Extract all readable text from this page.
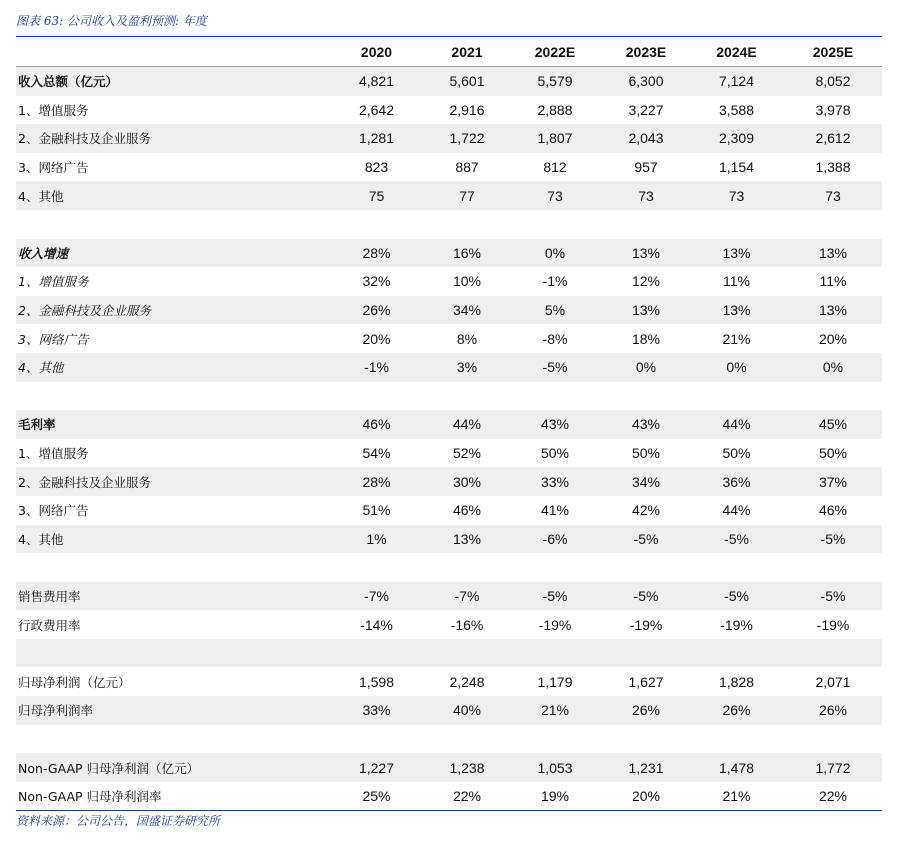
图表 63: 公司收入及盈利预测: 年度
	2020	2021	2022E	2023E	2024E	2025E
收入总额（亿元）	4,821	5,601	5,579	6,300	7,124	8,052
1、增值服务	2,642	2,916	2,888	3,227	3,588	3,978
2、金融科技及企业服务	1,281	1,722	1,807	2,043	2,309	2,612
3、网络广告	823	887	812	957	1,154	1,388
4、其他	75	77	73	73	73	73

收入增速	28%	16%	0%	13%	13%	13%
1、增值服务	32%	10%	-1%	12%	11%	11%
2、金融科技及企业服务	26%	34%	5%	13%	13%	13%
3、网络广告	20%	8%	-8%	18%	21%	20%
4、其他	-1%	3%	-5%	0%	0%	0%

毛利率	46%	44%	43%	43%	44%	45%
1、增值服务	54%	52%	50%	50%	50%	50%
2、金融科技及企业服务	28%	30%	33%	34%	36%	37%
3、网络广告	51%	46%	41%	42%	44%	46%
4、其他	1%	13%	-6%	-5%	-5%	-5%

销售费用率	-7%	-7%	-5%	-5%	-5%	-5%
行政费用率	-14%	-16%	-19%	-19%	-19%	-19%

归母净利润（亿元）	1,598	2,248	1,179	1,627	1,828	2,071
归母净利润率	33%	40%	21%	26%	26%	26%

Non-GAAP 归母净利润（亿元）	1,227	1,238	1,053	1,231	1,478	1,772
Non-GAAP 归母净利润率	25%	22%	19%	20%	21%	22%
资料来源：公司公告，国盛证券研究所
